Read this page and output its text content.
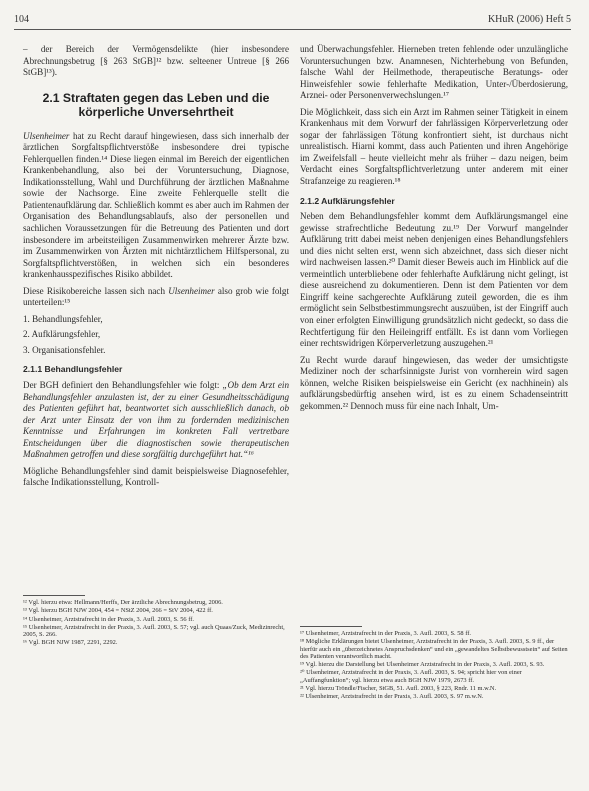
104	KHuR (2006) Heft 5

– der Bereich der Vermögensdelikte (hier insbesondere Abrechnungsbetrug [§ 263 StGB]¹² bzw. selteener Untreue [§ 266 StGB]¹³).

2.1 Straftaten gegen das Leben und die
körperliche Unversehrtheit

Ulsenheimer hat zu Recht darauf hingewiesen, dass sich innerhalb der ärztlichen Sorgfaltspflichtverstöße insbesondere drei typische Fehlerquellen finden.¹⁴ Diese liegen einmal im Bereich der eigentlichen Krankenbehandlung, also bei der Voruntersuchung, Diagnose, Indikationsstellung, Wahl und Durchführung der ärztlichen Maßnahme sowie der Nachsorge. Eine zweite Fehlerquelle stellt die Patientenaufklärung dar. Schließlich kommt es aber auch im Rahmen der Organisation des Behandlungsablaufs, also der personellen und sachlichen Voraussetzungen für die Betreuung des Patienten und dort insbesondere im arbeitsteiligen Zusammenwirken mehrerer Ärzte bzw. im Zusammenwirken von Ärzten mit nichtärztlichem Hilfspersonal, zu Sorgfaltspflichtverstößen, in welchen sich ein besonderes krankenhausspezifisches Risiko abbildet.

Diese Risikobereiche lassen sich nach Ulsenheimer also grob wie folgt unterteilen:¹⁵

1. Behandlungsfehler,
2. Aufklärungsfehler,
3. Organisationsfehler.
2.1.1 Behandlungsfehler

Der BGH definiert den Behandlungsfehler wie folgt: „Ob dem Arzt ein Behandlungsfehler anzulasten ist, der zu einer Gesundheitsschädigung des Patienten geführt hat, beantwortet sich ausschließlich danach, ob der Arzt unter Einsatz der von ihm zu fordernden medizinischen Kenntnisse und Erfahrungen im konkreten Fall vertretbare Entscheidungen über die diagnostischen sowie therapeutischen Maßnahmen getroffen und diese sorgfältig durchgeführt hat.“¹⁶

Mögliche Behandlungsfehler sind damit beispielsweise Diagnosefehler, falsche Indikationsstellung, Kontroll-

¹² Vgl. hierzu etwa: Hellmann/Herffs, Der ärztliche Abrechnungsbetrug, 2006.

¹³ Vgl. hierzu BGH NJW 2004, 454 = NStZ 2004, 266 = StV 2004, 422 ff.

¹⁴ Ulsenheimer, Arztstrafrecht in der Praxis, 3. Aufl. 2003, S. 56 ff.

¹⁵ Ulsenheimer, Arztstrafrecht in der Praxis, 3. Aufl. 2003, S. 57; vgl. auch Quaas/Zuck, Medizinrecht, 2005, S. 266.

¹⁶ Vgl. BGH NJW 1987, 2291, 2292.

und Überwachungsfehler. Hierneben treten fehlende oder unzulängliche Voruntersuchungen bzw. Anamnesen, Nichterhebung von Befunden, falsche Wahl der Heilmethode, therapeutische Beratungs- oder Hinweisfehler sowie fehlerhafte Medikation, Unter-/Überdosierung, Arznei- oder Personenverwechslungen.¹⁷

Die Möglichkeit, dass sich ein Arzt im Rahmen seiner Tätigkeit in einem Krankenhaus mit dem Vorwurf der fahrlässigen Körperverletzung oder sogar der fahrlässigen Tötung konfrontiert sieht, ist durchaus nicht unrealistisch. Hiarni kommt, dass auch Patienten und ihren Angehörige im Zweifelsfall – heute vielleicht mehr als früher – dazu neigen, beim Verdacht eines Sorgfaltspflichtverletzung unter anderem mit einer Strafanzeige zu reagieren.¹⁸

2.1.2 Aufklärungsfehler

Neben dem Behandlungsfehler kommt dem Aufklärungsmangel eine gewisse strafrechtliche Bedeutung zu.¹⁹ Der Vorwurf mangelnder Aufklärung tritt dabei meist neben denjenigen eines Behandlungsfehlers und dies nicht selten erst, wenn sich abzeichnet, dass sich dieser nicht wird nachweisen lassen.²⁰ Damit dieser Beweis auch im Hinblick auf die vermeintlich unterbliebene oder fehlerhafte Aufklärung nicht gelingt, ist diese ausreichend zu dokumentieren. Denn ist dem Patienten vor dem Eingriff keine sachgerechte Aufklärung zuteil geworden, die es ihm ermöglicht sein Selbstbestimmungsrecht auszuüben, ist der Eingriff auch von einer erfolgten Einwilligung grundsätzlich nicht gedeckt, so dass die Rechtfertigung für den Heileingriff entfällt. Es ist dann vom Vorliegen einer rechtswidrigen Körperverletzung auszugehen.²¹

Zu Recht wurde darauf hingewiesen, das weder der umsichtigste Mediziner noch der scharfsinnigste Jurist von vornherein wird sagen können, welche Risiken beispielsweise ein Gericht (ex nachhinein) als aufklärungsbedürftig ansehen wird, ist es zu einem Schadenseintritt gekommen.²² Dennoch muss für eine nach Inhalt, Um-

¹⁷ Ulsenheimer, Arztstrafrecht in der Praxis, 3. Aufl. 2003, S. 58 ff.

¹⁸ Mögliche Erklärungen bietet Ulsenheimer, Arztstrafrecht in der Praxis, 3. Aufl. 2003, S. 9 ff., der hierfür auch ein „überzeichnetes Anspruchsdenken“ und ein „gewandeltes Selbstbewusstsein“ auf Seiten des Patienten verantwortlich macht.

¹⁹ Vgl. hierzu die Darstellung bei Ulsenheimer Arztstrafrecht in der Praxis, 3. Aufl. 2003, S. 93.

²⁰ Ulsenheimer, Arztstrafrecht in der Praxis, 3. Aufl. 2003, S. 94; spricht hier von einer „Auffangfunktion“; vgl. hierzu etwa auch BGH NJW 1979, 2673 ff.

²¹ Vgl. hierzu Tröndle/Fischer, StGB, 51. Aufl. 2003, § 223, Rndr. 11 m.w.N.

²² Ulsenheimer, Arztstrafrecht in der Praxis, 3. Aufl. 2003, S. 97 m.w.N.
